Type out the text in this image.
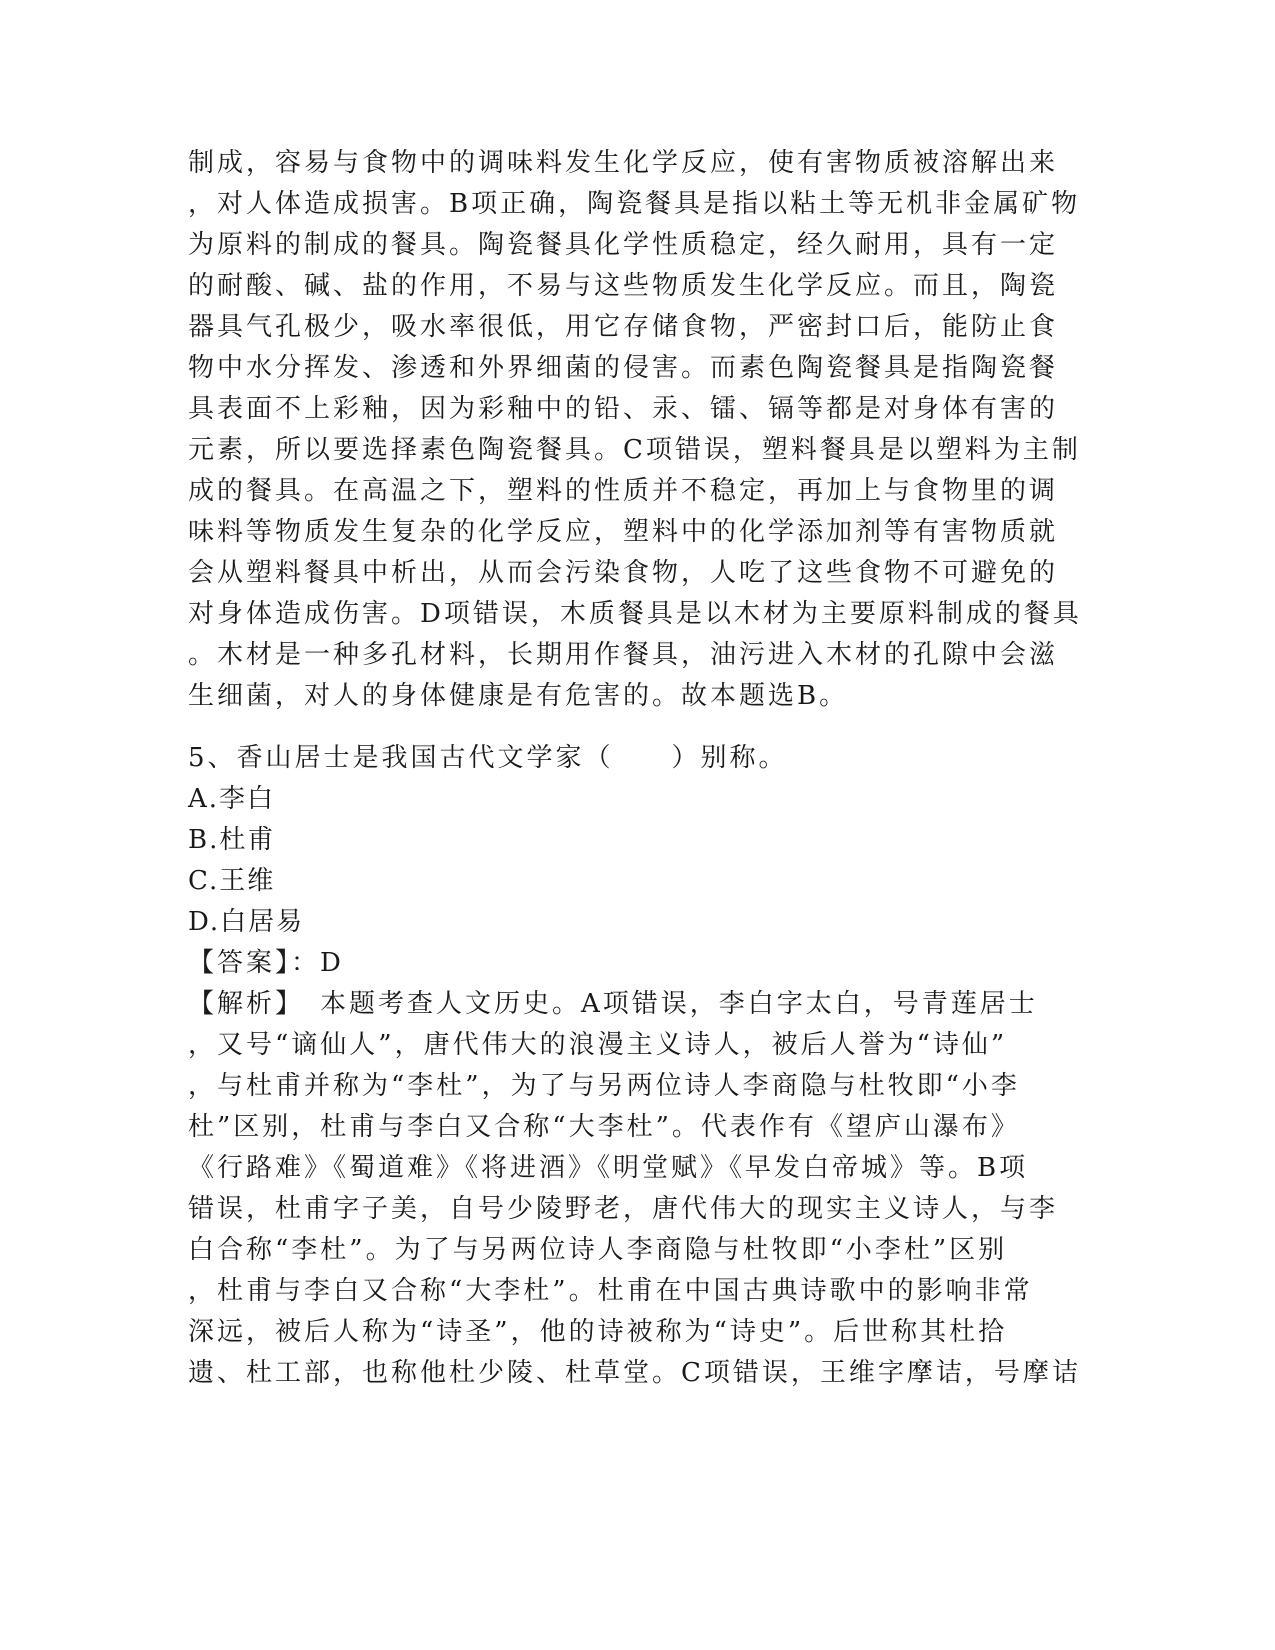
制成，容易与食物中的调味料发生化学反应，使有害物质被溶解出来
，对人体造成损害。B项正确，陶瓷餐具是指以粘土等无机非金属矿物
为原料的制成的餐具。陶瓷餐具化学性质稳定，经久耐用，具有一定
的耐酸、碱、盐的作用，不易与这些物质发生化学反应。而且，陶瓷
器具气孔极少，吸水率很低，用它存储食物，严密封口后，能防止食
物中水分挥发、渗透和外界细菌的侵害。而素色陶瓷餐具是指陶瓷餐
具表面不上彩釉，因为彩釉中的铅、汞、镭、镉等都是对身体有害的
元素，所以要选择素色陶瓷餐具。C项错误，塑料餐具是以塑料为主制
成的餐具。在高温之下，塑料的性质并不稳定，再加上与食物里的调
味料等物质发生复杂的化学反应，塑料中的化学添加剂等有害物质就
会从塑料餐具中析出，从而会污染食物，人吃了这些食物不可避免的
对身体造成伤害。D项错误，木质餐具是以木材为主要原料制成的餐具
。木材是一种多孔材料，长期用作餐具，油污进入木材的孔隙中会滋
生细菌，对人的身体健康是有危害的。故本题选B。
5、香山居士是我国古代文学家（　　）别称。
A.李白
B.杜甫
C.王维
D.白居易
【答案】：D
【解析】　本题考查人文历史。A项错误，李白字太白，号青莲居士
，又号“谪仙人”，唐代伟大的浪漫主义诗人，被后人誉为“诗仙”
，与杜甫并称为“李杜”，为了与另两位诗人李商隐与杜牧即“小李
杜”区别，杜甫与李白又合称“大李杜”。代表作有《望庐山瀑布》
《行路难》《蜀道难》《将进酒》《明堂赋》《早发白帝城》等。B项
错误，杜甫字子美，自号少陵野老，唐代伟大的现实主义诗人，与李
白合称“李杜”。为了与另两位诗人李商隐与杜牧即“小李杜”区别
，杜甫与李白又合称“大李杜”。杜甫在中国古典诗歌中的影响非常
深远，被后人称为“诗圣”，他的诗被称为“诗史”。后世称其杜拾
遗、杜工部，也称他杜少陵、杜草堂。C项错误，王维字摩诘，号摩诘
